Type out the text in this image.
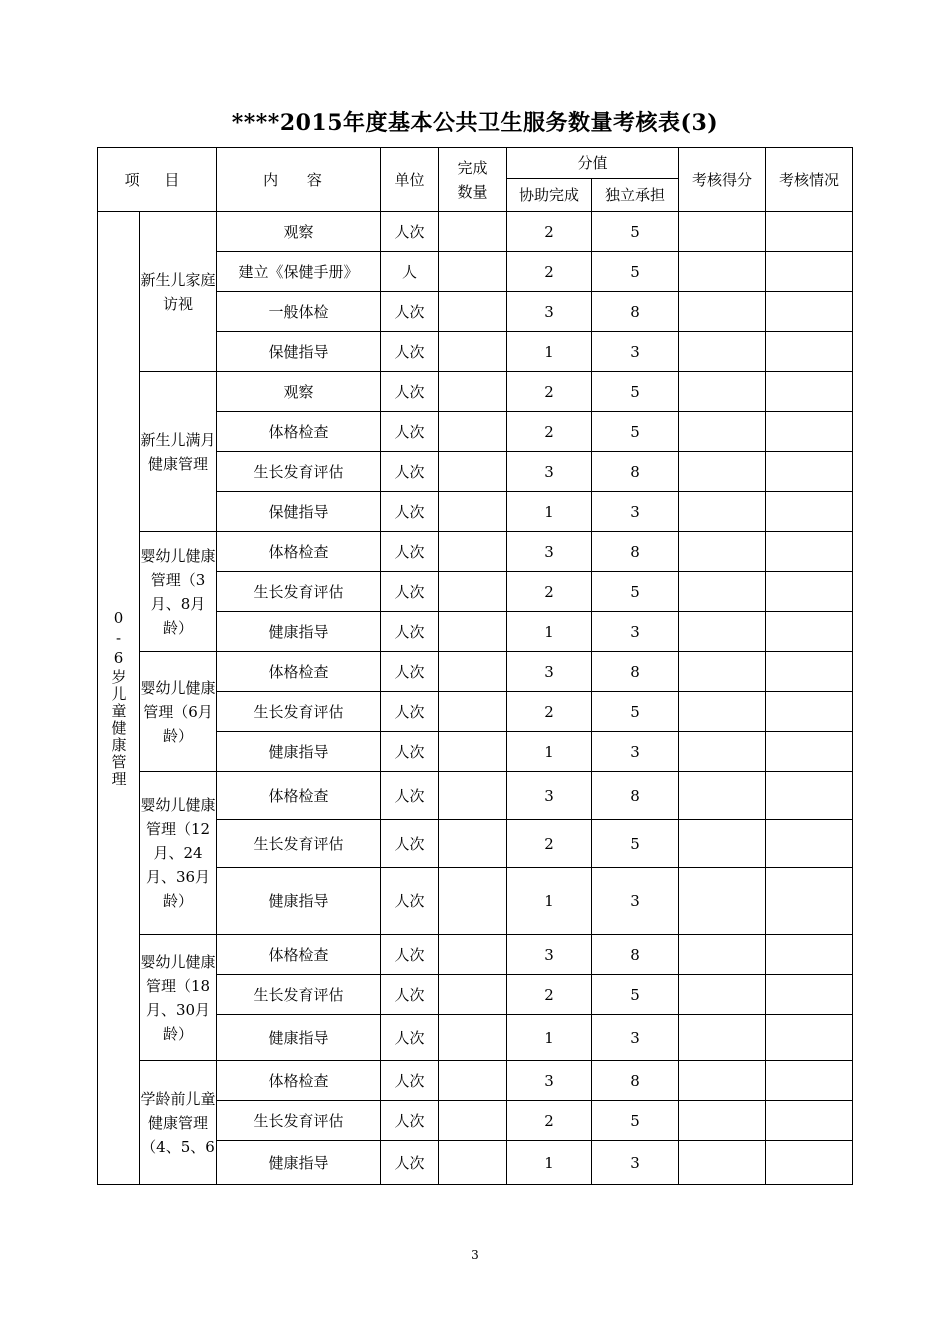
****2015年度基本公共卫生服务数量考核表(3)
项 目		内 容	单位	完成数量	分值		考核得分	考核情况
					协助完成	独立承担		
0-6岁儿童健康管理	新生儿家庭访视	观察	人次		2	5		
		建立《保健手册》	人		2	5		
		一般体检	人次		3	8		
		保健指导	人次		1	3		
	新生儿满月健康管理	观察	人次		2	5		
		体格检查	人次		2	5		
		生长发育评估	人次		3	8		
		保健指导	人次		1	3		
	婴幼儿健康管理（3月、8月龄）	体格检查	人次		3	8		
		生长发育评估	人次		2	5		
		健康指导	人次		1	3		
	婴幼儿健康管理（6月龄）	体格检查	人次		3	8		
		生长发育评估	人次		2	5		
		健康指导	人次		1	3		
	婴幼儿健康管理（12月、24月、36月龄）	体格检查	人次		3	8		
		生长发育评估	人次		2	5		
		健康指导	人次		1	3		
	婴幼儿健康管理（18月、30月龄）	体格检查	人次		3	8		
		生长发育评估	人次		2	5		
		健康指导	人次		1	3		
	学龄前儿童健康管理（4、5、6	体格检查	人次		3	8		
		生长发育评估	人次		2	5		
		健康指导	人次		1	3		
3
